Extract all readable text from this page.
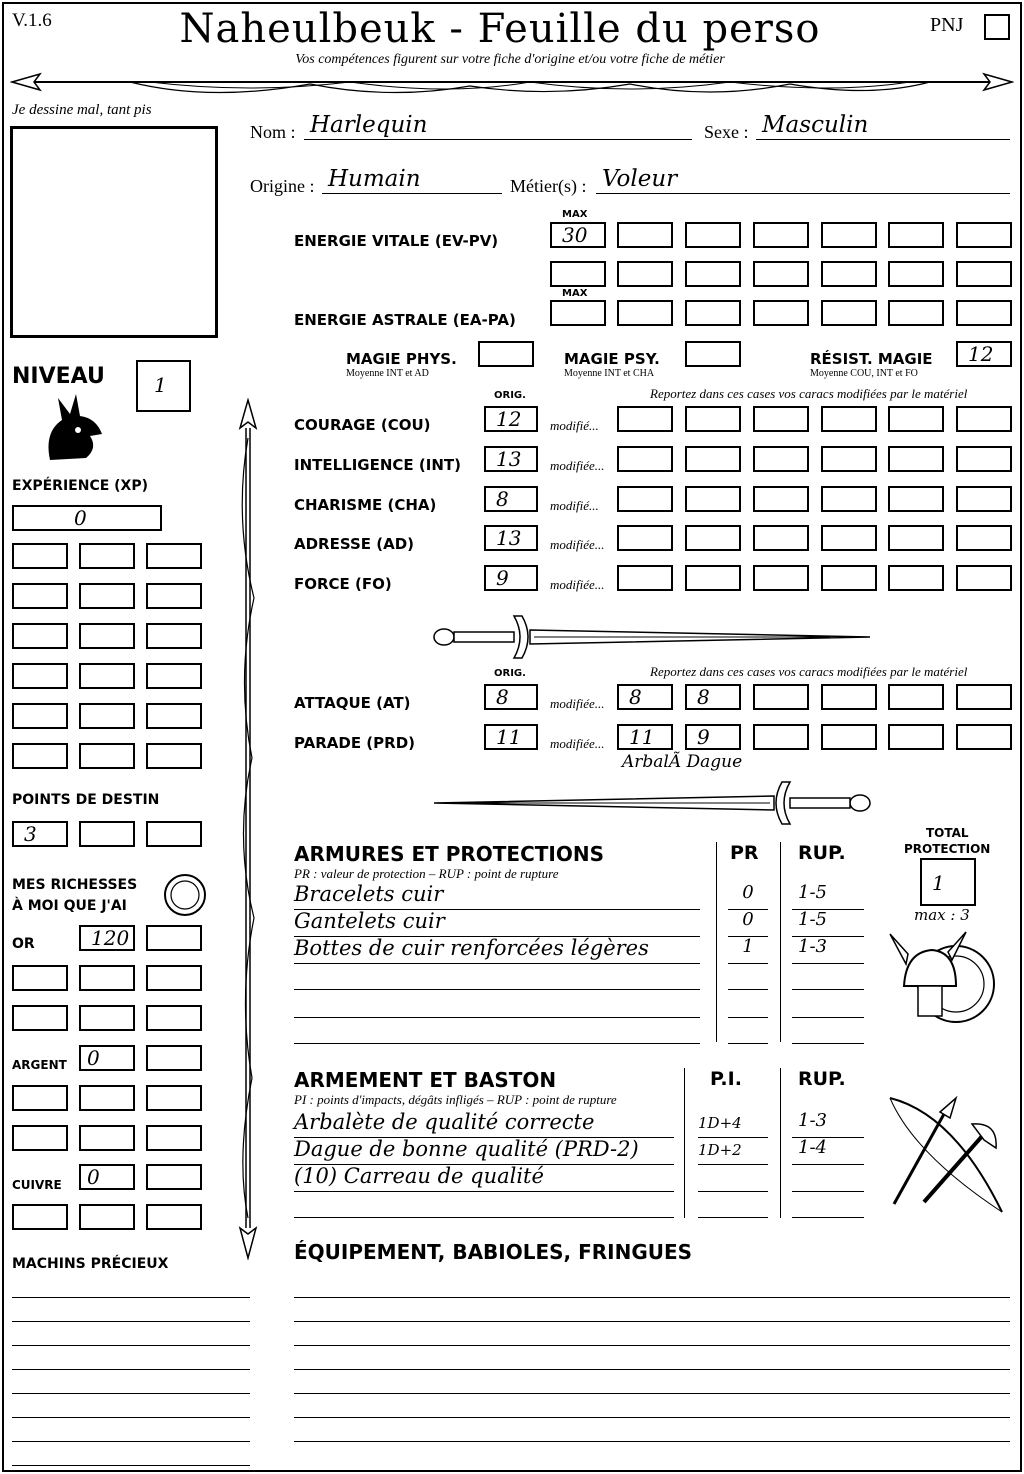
V.1.6	Naheulbeuk - Feuille du perso
Vos compétences figurent sur votre fiche d'origine et/ou votre fiche de métier
PNJ
Je dessine mal, tant pis
Nom : Harlequin	Sexe : Masculin
Origine : Humain	Métier(s) : Voleur
MAX
ENERGIE VITALE (EV-PV)	30
MAX
ENERGIE ASTRALE (EA-PA)
MAGIE PHYS.
Moyenne INT et AD
MAGIE PSY.
Moyenne INT et CHA
RÉSIST. MAGIE
Moyenne COU, INT et FO
12
NIVEAU	1
EXPÉRIENCE (XP)
0
POINTS DE DESTIN
3
MES RICHESSES
À MOI QUE J'AI
OR	120
ARGENT	0
CUIVRE	0
MACHINS PRÉCIEUX
ORIG.	Reportez dans ces cases vos caracs modifiées par le matériel
ORIG.	Reportez dans ces cases vos caracs modifiées par le matériel
ArbalÃ Dague
ARMURES ET PROTECTIONS
PR : valeur de protection – RUP : point de rupture
PR RUP.
TOTAL
PROTECTION
1
max : 3
ARMEMENT ET BASTON
PI : points d'impacts, dégâts infligés – RUP : point de rupture
P.I.	RUP.
ÉQUIPEMENT, BABIOLES, FRINGUES
COURAGE (COU)	12	modifié...
INTELLIGENCE (INT)	13	modifiée...
CHARISME (CHA)	8	modifié...
ADRESSE (AD)	13	modifiée...
FORCE (FO)	9	modifiée...
ATTAQUE (AT)	8	modifiée...	8	8
PARADE (PRD)	11	modifiée...	11	9
Bracelets cuir	0	1-5
Gantelets cuir	0	1-5
Bottes de cuir renforcées légères	1	1-3
Arbalète de qualité correcte	1D+4	1-3
Dague de bonne qualité (PRD-2)	1D+2	1-4
(10) Carreau de qualité
